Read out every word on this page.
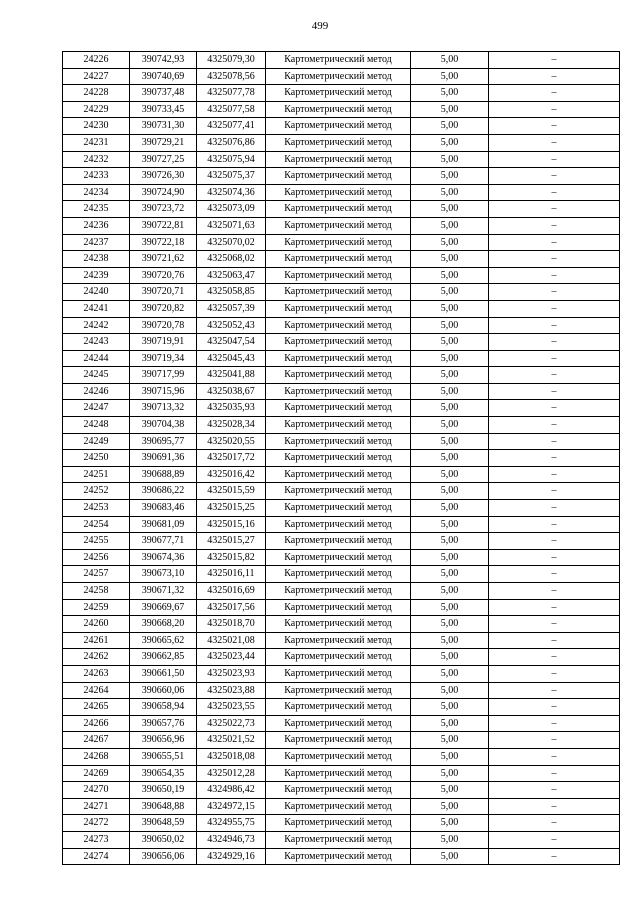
499
24226	390742,93	4325079,30	Картометрический метод	5,00	–
24227	390740,69	4325078,56	Картометрический метод	5,00	–
24228	390737,48	4325077,78	Картометрический метод	5,00	–
24229	390733,45	4325077,58	Картометрический метод	5,00	–
24230	390731,30	4325077,41	Картометрический метод	5,00	–
24231	390729,21	4325076,86	Картометрический метод	5,00	–
24232	390727,25	4325075,94	Картометрический метод	5,00	–
24233	390726,30	4325075,37	Картометрический метод	5,00	–
24234	390724,90	4325074,36	Картометрический метод	5,00	–
24235	390723,72	4325073,09	Картометрический метод	5,00	–
24236	390722,81	4325071,63	Картометрический метод	5,00	–
24237	390722,18	4325070,02	Картометрический метод	5,00	–
24238	390721,62	4325068,02	Картометрический метод	5,00	–
24239	390720,76	4325063,47	Картометрический метод	5,00	–
24240	390720,71	4325058,85	Картометрический метод	5,00	–
24241	390720,82	4325057,39	Картометрический метод	5,00	–
24242	390720,78	4325052,43	Картометрический метод	5,00	–
24243	390719,91	4325047,54	Картометрический метод	5,00	–
24244	390719,34	4325045,43	Картометрический метод	5,00	–
24245	390717,99	4325041,88	Картометрический метод	5,00	–
24246	390715,96	4325038,67	Картометрический метод	5,00	–
24247	390713,32	4325035,93	Картометрический метод	5,00	–
24248	390704,38	4325028,34	Картометрический метод	5,00	–
24249	390695,77	4325020,55	Картометрический метод	5,00	–
24250	390691,36	4325017,72	Картометрический метод	5,00	–
24251	390688,89	4325016,42	Картометрический метод	5,00	–
24252	390686,22	4325015,59	Картометрический метод	5,00	–
24253	390683,46	4325015,25	Картометрический метод	5,00	–
24254	390681,09	4325015,16	Картометрический метод	5,00	–
24255	390677,71	4325015,27	Картометрический метод	5,00	–
24256	390674,36	4325015,82	Картометрический метод	5,00	–
24257	390673,10	4325016,11	Картометрический метод	5,00	–
24258	390671,32	4325016,69	Картометрический метод	5,00	–
24259	390669,67	4325017,56	Картометрический метод	5,00	–
24260	390668,20	4325018,70	Картометрический метод	5,00	–
24261	390665,62	4325021,08	Картометрический метод	5,00	–
24262	390662,85	4325023,44	Картометрический метод	5,00	–
24263	390661,50	4325023,93	Картометрический метод	5,00	–
24264	390660,06	4325023,88	Картометрический метод	5,00	–
24265	390658,94	4325023,55	Картометрический метод	5,00	–
24266	390657,76	4325022,73	Картометрический метод	5,00	–
24267	390656,96	4325021,52	Картометрический метод	5,00	–
24268	390655,51	4325018,08	Картометрический метод	5,00	–
24269	390654,35	4325012,28	Картометрический метод	5,00	–
24270	390650,19	4324986,42	Картометрический метод	5,00	–
24271	390648,88	4324972,15	Картометрический метод	5,00	–
24272	390648,59	4324955,75	Картометрический метод	5,00	–
24273	390650,02	4324946,73	Картометрический метод	5,00	–
24274	390656,06	4324929,16	Картометрический метод	5,00	–
